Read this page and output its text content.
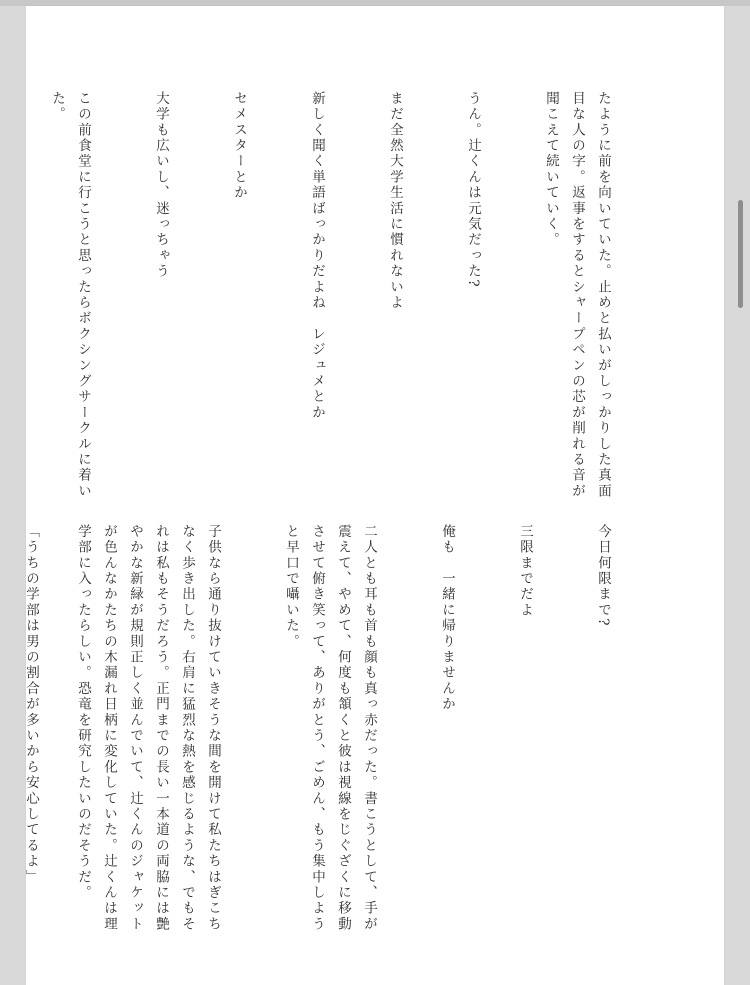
たように前を向いていた。止めと払いがしっかりした真面目な人の字。返事をするとシャープペンの芯が削れる音が聞こえて続いていく。

うん。辻くんは元気だった?

まだ全然大学生活に慣れないよ

新しく聞く単語ばっかりだよね　レジュメとか

セメスターとか

大学も広いし、迷っちゃう

この前食堂に行こうと思ったらボクシングサークルに着いた。

今日何限まで?

三限までだよ

俺も　一緒に帰りませんか

二人とも耳も首も顔も真っ赤だった。書こうとして、手が震えて、やめて、何度も頷くと彼は視線をじぐざくに移動させて俯き笑って、ありがとう、ごめん、もう集中しようと早口で囁いた。

子供なら通り抜けていきそうな間を開けて私たちはぎこちなく歩き出した。右肩に猛烈な熱を感じるような、でもそれは私もそうだろう。正門までの長い一本道の両脇には艶やかな新緑が規則正しく並んでいて、辻くんのジャケットが色んなかたちの木漏れ日柄に変化していた。辻くんは理学部に入ったらしい。恐竜を研究したいのだそうだ。

「うちの学部は男の割合が多いから安心してるよ」
